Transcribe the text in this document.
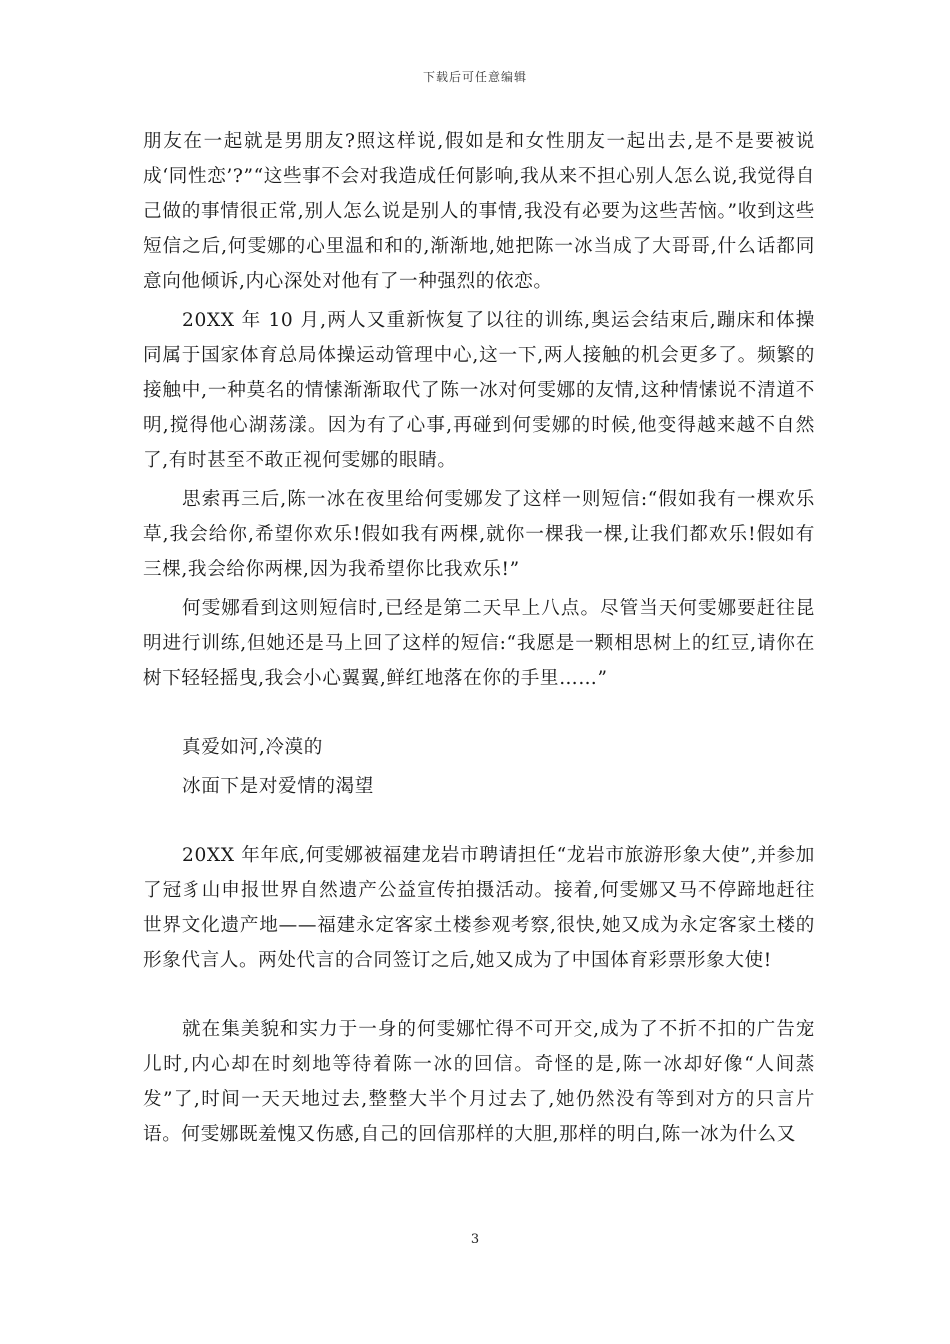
下载后可任意编辑

朋友在一起就是男朋友?照这样说,假如是和女性朋友一起出去,是不是要被说成‘同性恋’?”“这些事不会对我造成任何影响,我从来不担心别人怎么说,我觉得自己做的事情很正常,别人怎么说是别人的事情,我没有必要为这些苦恼。”收到这些短信之后,何雯娜的心里温和和的,渐渐地,她把陈一冰当成了大哥哥,什么话都同意向他倾诉,内心深处对他有了一种强烈的依恋。

20XX 年 10 月,两人又重新恢复了以往的训练,奥运会结束后,蹦床和体操同属于国家体育总局体操运动管理中心,这一下,两人接触的机会更多了。频繁的接触中,一种莫名的情愫渐渐取代了陈一冰对何雯娜的友情,这种情愫说不清道不明,搅得他心湖荡漾。因为有了心事,再碰到何雯娜的时候,他变得越来越不自然了,有时甚至不敢正视何雯娜的眼睛。

思索再三后,陈一冰在夜里给何雯娜发了这样一则短信:“假如我有一棵欢乐草,我会给你,希望你欢乐!假如我有两棵,就你一棵我一棵,让我们都欢乐!假如有三棵,我会给你两棵,因为我希望你比我欢乐!”

何雯娜看到这则短信时,已经是第二天早上八点。尽管当天何雯娜要赶往昆明进行训练,但她还是马上回了这样的短信:“我愿是一颗相思树上的红豆,请你在树下轻轻摇曳,我会小心翼翼,鲜红地落在你的手里……”

真爱如河,冷漠的

冰面下是对爱情的渴望

20XX 年年底,何雯娜被福建龙岩市聘请担任“龙岩市旅游形象大使”,并参加了冠豸山申报世界自然遗产公益宣传拍摄活动。接着,何雯娜又马不停蹄地赶往世界文化遗产地——福建永定客家土楼参观考察,很快,她又成为永定客家土楼的形象代言人。两处代言的合同签订之后,她又成为了中国体育彩票形象大使!

就在集美貌和实力于一身的何雯娜忙得不可开交,成为了不折不扣的广告宠儿时,内心却在时刻地等待着陈一冰的回信。奇怪的是,陈一冰却好像“人间蒸发”了,时间一天天地过去,整整大半个月过去了,她仍然没有等到对方的只言片语。何雯娜既羞愧又伤感,自己的回信那样的大胆,那样的明白,陈一冰为什么又

3
